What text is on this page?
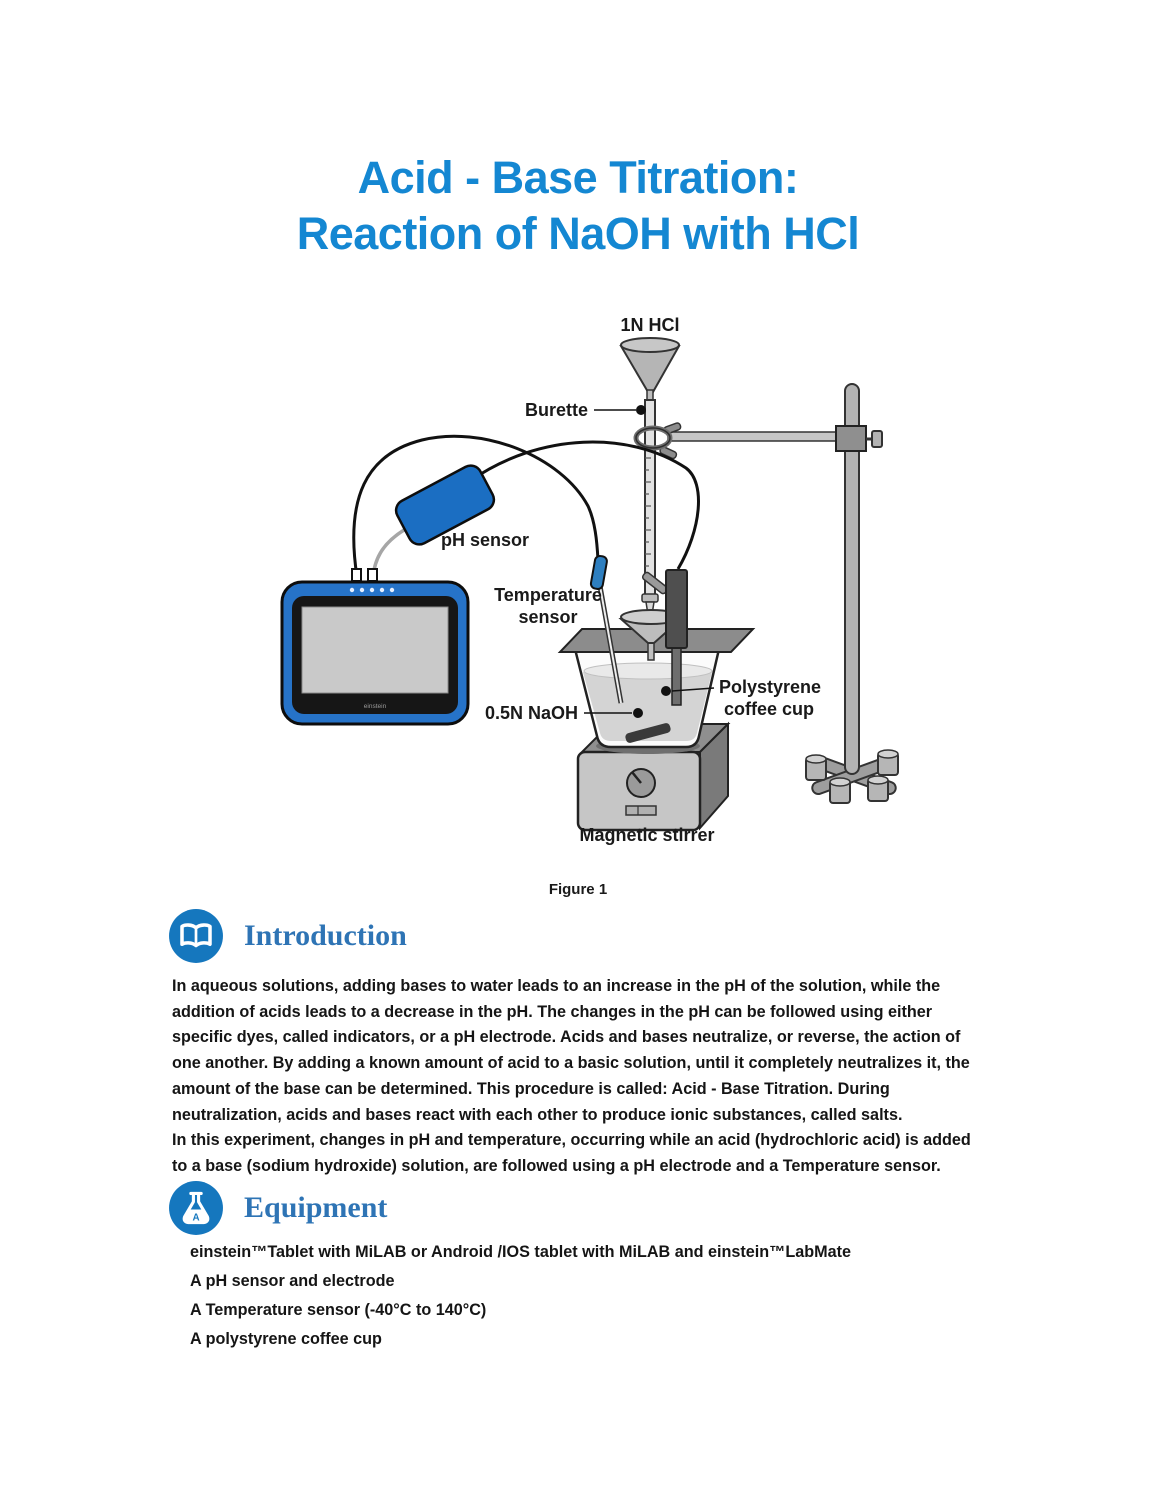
Acid - Base Titration:
Reaction of NaOH with HCl
einstein
1N HCl
Burette
pH sensor
Temperature
sensor
0.5N NaOH
Polystyrene
coffee cup
Magnetic stirrer
Figure 1
Introduction

In aqueous solutions, adding bases to water leads to an increase in the pH of the solution, while the addition of acids leads to a decrease in the pH. The changes in the pH can be followed using either specific dyes, called indicators, or a pH electrode. Acids and bases neutralize, or reverse, the action of one another. By adding a known amount of acid to a basic solution, until it completely neutralizes it, the amount of the base can be determined. This procedure is called: Acid - Base Titration. During neutralization, acids and bases react with each other to produce ionic substances, called salts.

In this experiment, changes in pH and temperature, occurring while an acid (hydrochloric acid) is added to a base (sodium hydroxide) solution, are followed using a pH electrode and a Temperature sensor.

A Equipment
einstein™Tablet with MiLAB or Android /IOS tablet with MiLAB and einstein™LabMate
A pH sensor and electrode
A Temperature sensor (-40°C to 140°C)
A polystyrene coffee cup
